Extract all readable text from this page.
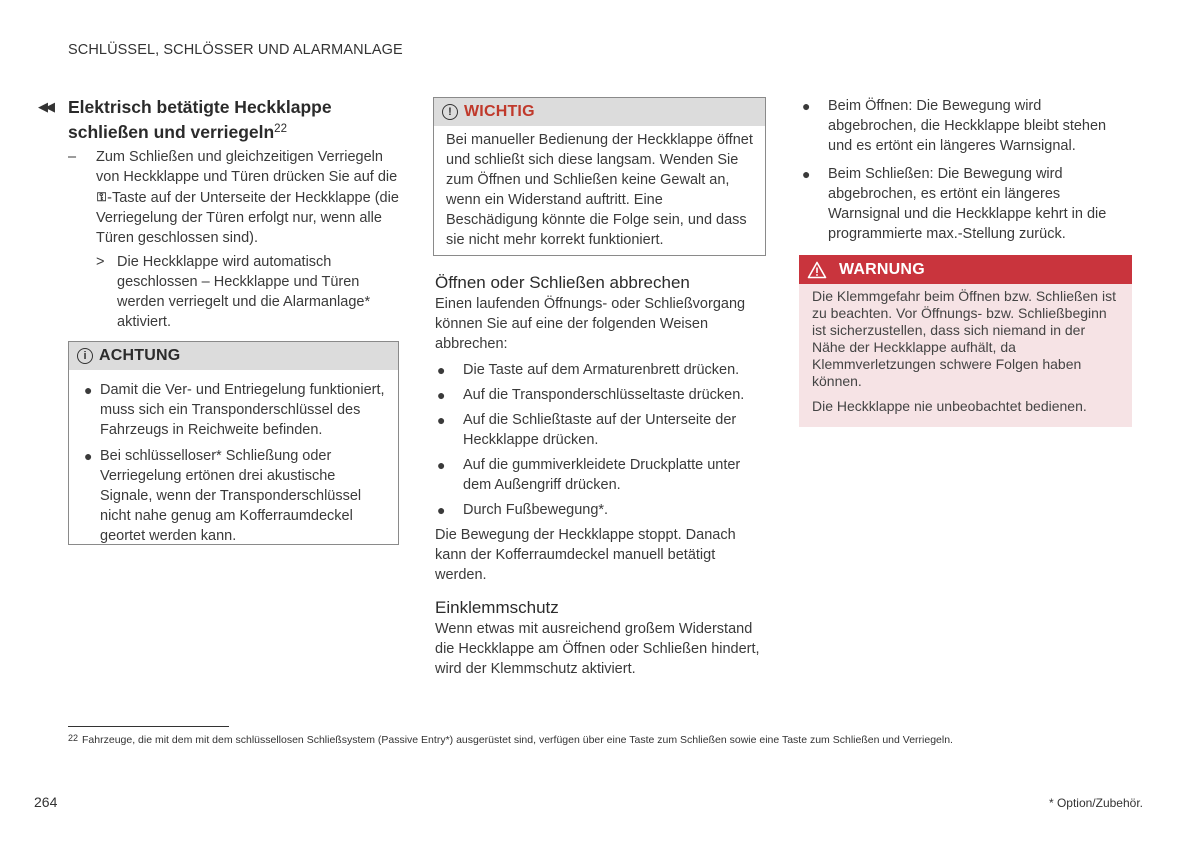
SCHLÜSSEL, SCHLÖSSER UND ALARMANLAGE
◀◀ Elektrisch betätigte Heckklappe schließen und verriegeln$^{22}$
– Zum Schließen und gleichzeitigen Verriegeln von Heckklappe und Türen drücken Sie auf die ⚿-Taste auf der Unterseite der Heckklappe (die Verriegelung der Türen erfolgt nur, wenn alle Türen geschlossen sind).
> Die Heckklappe wird automatisch geschlossen – Heckklappe und Türen werden verriegelt und die Alarmanlage* aktiviert.
i ACHTUNG
● Damit die Ver- und Entriegelung funktioniert, muss sich ein Transponderschlüssel des Fahrzeugs in Reichweite befinden.
● Bei schlüsselloser* Schließung oder Verriegelung ertönen drei akustische Signale, wenn der Transponderschlüssel nicht nahe genug am Kofferraumdeckel geortet werden kann.
! WICHTIG
Bei manueller Bedienung der Heckklappe öffnet und schließt sich diese langsam. Wenden Sie zum Öffnen und Schließen keine Gewalt an, wenn ein Widerstand auftritt. Eine Beschädigung könnte die Folge sein, und dass sie nicht mehr korrekt funktioniert.
Öffnen oder Schließen abbrechen

Einen laufenden Öffnungs- oder Schließvorgang können Sie auf eine der folgenden Weisen abbrechen:

● Die Taste auf dem Armaturenbrett drücken.
● Auf die Transponderschlüsseltaste drücken.
● Auf die Schließtaste auf der Unterseite der Heckklappe drücken.
● Auf die gummiverkleidete Druckplatte unter dem Außengriff drücken.
● Durch Fußbewegung*.

Die Bewegung der Heckklappe stoppt. Danach kann der Kofferraumdeckel manuell betätigt werden.

Einklemmschutz

Wenn etwas mit ausreichend großem Widerstand die Heckklappe am Öffnen oder Schließen hindert, wird der Klemmschutz aktiviert.

● Beim Öffnen: Die Bewegung wird abgebrochen, die Heckklappe bleibt stehen und es ertönt ein längeres Warnsignal.
● Beim Schließen: Die Bewegung wird abgebrochen, es ertönt ein längeres Warnsignal und die Heckklappe kehrt in die programmierte max.-Stellung zurück.
WARNUNG

Die Klemmgefahr beim Öffnen bzw. Schließen ist zu beachten. Vor Öffnungs- bzw. Schließbeginn ist sicherzustellen, dass sich niemand in der Nähe der Heckklappe aufhält, da Klemmverletzungen schwere Folgen haben können.

Die Heckklappe nie unbeobachtet bedienen.

$^{22}$ Fahrzeuge, die mit dem mit dem schlüssellosen Schließsystem (Passive Entry*) ausgerüstet sind, verfügen über eine Taste zum Schließen sowie eine Taste zum Schließen und Verriegeln.
264	* Option/Zubehör.
